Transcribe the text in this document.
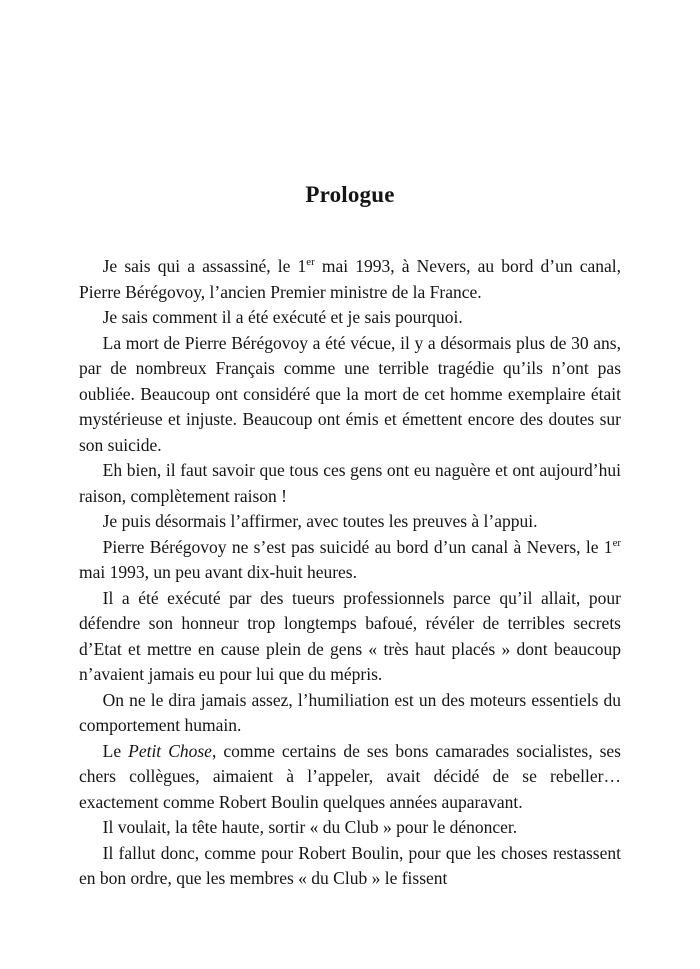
Prologue

Je sais qui a assassiné, le 1er mai 1993, à Nevers, au bord d’un canal, Pierre Bérégovoy, l’ancien Premier ministre de la France.

Je sais comment il a été exécuté et je sais pourquoi.

La mort de Pierre Bérégovoy a été vécue, il y a désormais plus de 30 ans, par de nombreux Français comme une terrible tragédie qu’ils n’ont pas oubliée. Beaucoup ont considéré que la mort de cet homme exemplaire était mystérieuse et injuste. Beaucoup ont émis et émettent encore des doutes sur son suicide.

Eh bien, il faut savoir que tous ces gens ont eu naguère et ont aujourd’hui raison, complètement raison !

Je puis désormais l’affirmer, avec toutes les preuves à l’appui.

Pierre Bérégovoy ne s’est pas suicidé au bord d’un canal à Nevers, le 1er mai 1993, un peu avant dix-huit heures.

Il a été exécuté par des tueurs professionnels parce qu’il allait, pour défendre son honneur trop longtemps bafoué, révéler de terribles secrets d’Etat et mettre en cause plein de gens « très haut placés » dont beaucoup n’avaient jamais eu pour lui que du mépris.

On ne le dira jamais assez, l’humiliation est un des moteurs essentiels du comportement humain.

Le Petit Chose, comme certains de ses bons camarades socialistes, ses chers collègues, aimaient à l’appeler, avait décidé de se rebeller… exactement comme Robert Boulin quelques années auparavant.

Il voulait, la tête haute, sortir « du Club » pour le dénoncer.

Il fallut donc, comme pour Robert Boulin, pour que les choses restassent en bon ordre, que les membres « du Club » le fissent
